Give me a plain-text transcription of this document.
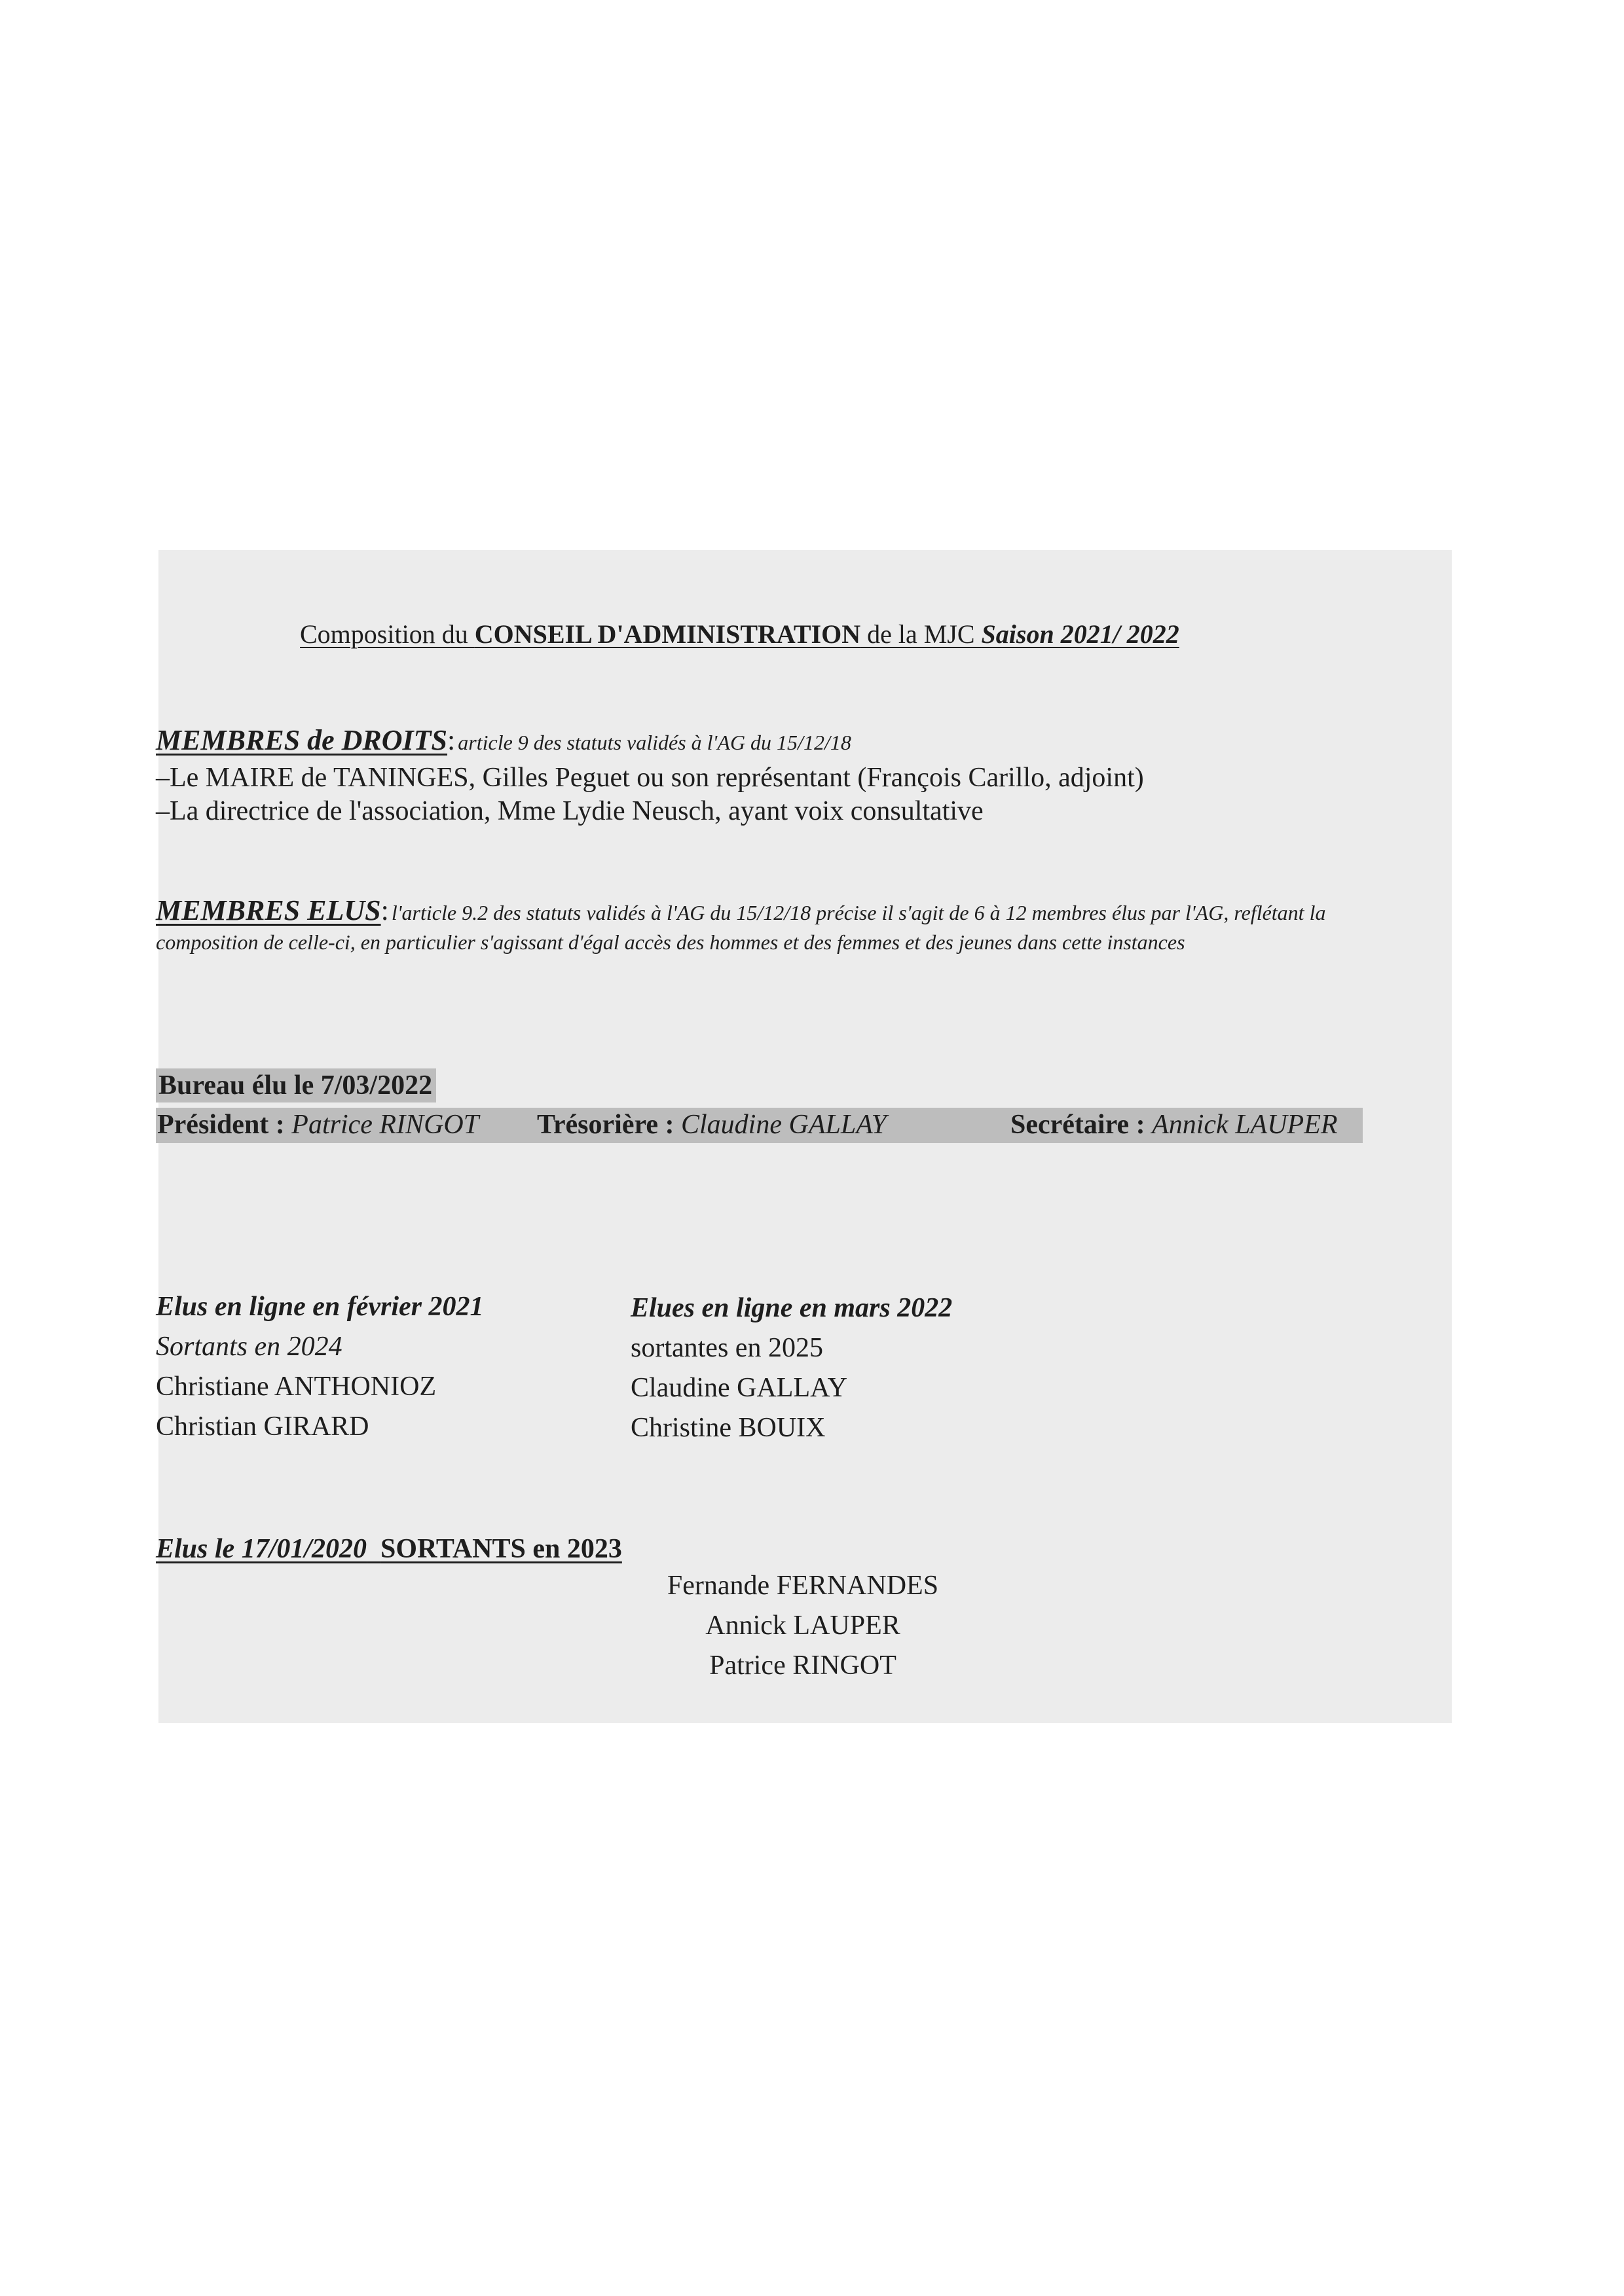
Composition du CONSEIL D'ADMINISTRATION de la MJC Saison 2021/ 2022
MEMBRES de DROITS: article 9 des statuts validés à l'AG du 15/12/18
–Le MAIRE de TANINGES, Gilles Peguet ou son représentant (François Carillo, adjoint)
–La directrice de l'association, Mme Lydie Neusch, ayant voix consultative
MEMBRES ELUS: l'article 9.2 des statuts validés à l'AG du 15/12/18 précise il s'agit de 6 à 12 membres élus par l'AG, reflétant la composition de celle-ci, en particulier s'agissant d'égal accès des hommes et des femmes et des jeunes dans cette instances
Bureau élu le 7/03/2022
Président : Patrice RINGOT Trésorière : Claudine GALLAY	Secrétaire : Annick LAUPER
Elus en ligne en février 2021
Sortants en 2024
Christiane ANTHONIOZ
Christian GIRARD
Elues en ligne en mars 2022
sortantes en 2025
Claudine GALLAY
Christine BOUIX
Elus le 17/01/2020 SORTANTS en 2023
Fernande FERNANDES
Annick LAUPER
Patrice RINGOT
